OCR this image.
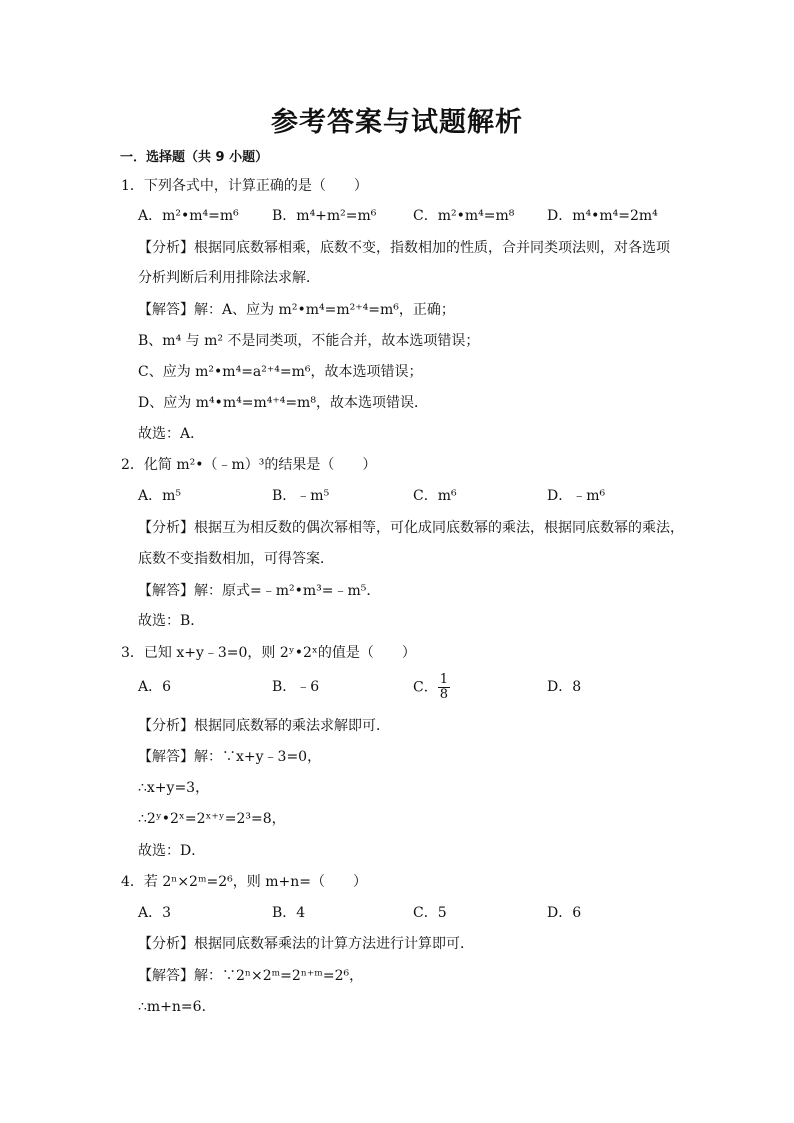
参考答案与试题解析
一．选择题（共 9 小题）
1．下列各式中，计算正确的是（　　）
A．m²•m⁴=m⁶ B．m⁴+m²=m⁶	C．m²•m⁴=m⁸ D．m⁴•m⁴=2m⁴
【分析】根据同底数幂相乘，底数不变，指数相加的性质，合并同类项法则，对各选项
分析判断后利用排除法求解．
【解答】解：A、应为 m²•m⁴=m²⁺⁴=m⁶，正确；
B、m⁴ 与 m² 不是同类项，不能合并，故本选项错误；
C、应为 m²•m⁴=a²⁺⁴=m⁶，故本选项错误；
D、应为 m⁴•m⁴=m⁴⁺⁴=m⁸，故本选项错误．
故选：A．
2．化简 m²•（﹣m）³的结果是（　　）
A．m⁵	B．﹣m⁵	C．m⁶	D．﹣m⁶
【分析】根据互为相反数的偶次幂相等，可化成同底数幂的乘法，根据同底数幂的乘法，
底数不变指数相加，可得答案．
【解答】解：原式=﹣m²•m³=﹣m⁵．
故选：B．
3．已知 x+y﹣3=0，则 2ʸ•2ˣ的值是（　　）
A．6	B．﹣6	C． $\frac{1}{8}$	D．8
【分析】根据同底数幂的乘法求解即可．
【解答】解：∵x+y﹣3=0，
∴x+y=3，
∴2ʸ•2ˣ=2ˣ⁺ʸ=2³=8，
故选：D．
4．若 2ⁿ×2ᵐ=2⁶，则 m+n=（　　）
A．3	B．4	C．5	D．6
【分析】根据同底数幂乘法的计算方法进行计算即可．
【解答】解：∵2ⁿ×2ᵐ=2ⁿ⁺ᵐ=2⁶，
∴m+n=6．
